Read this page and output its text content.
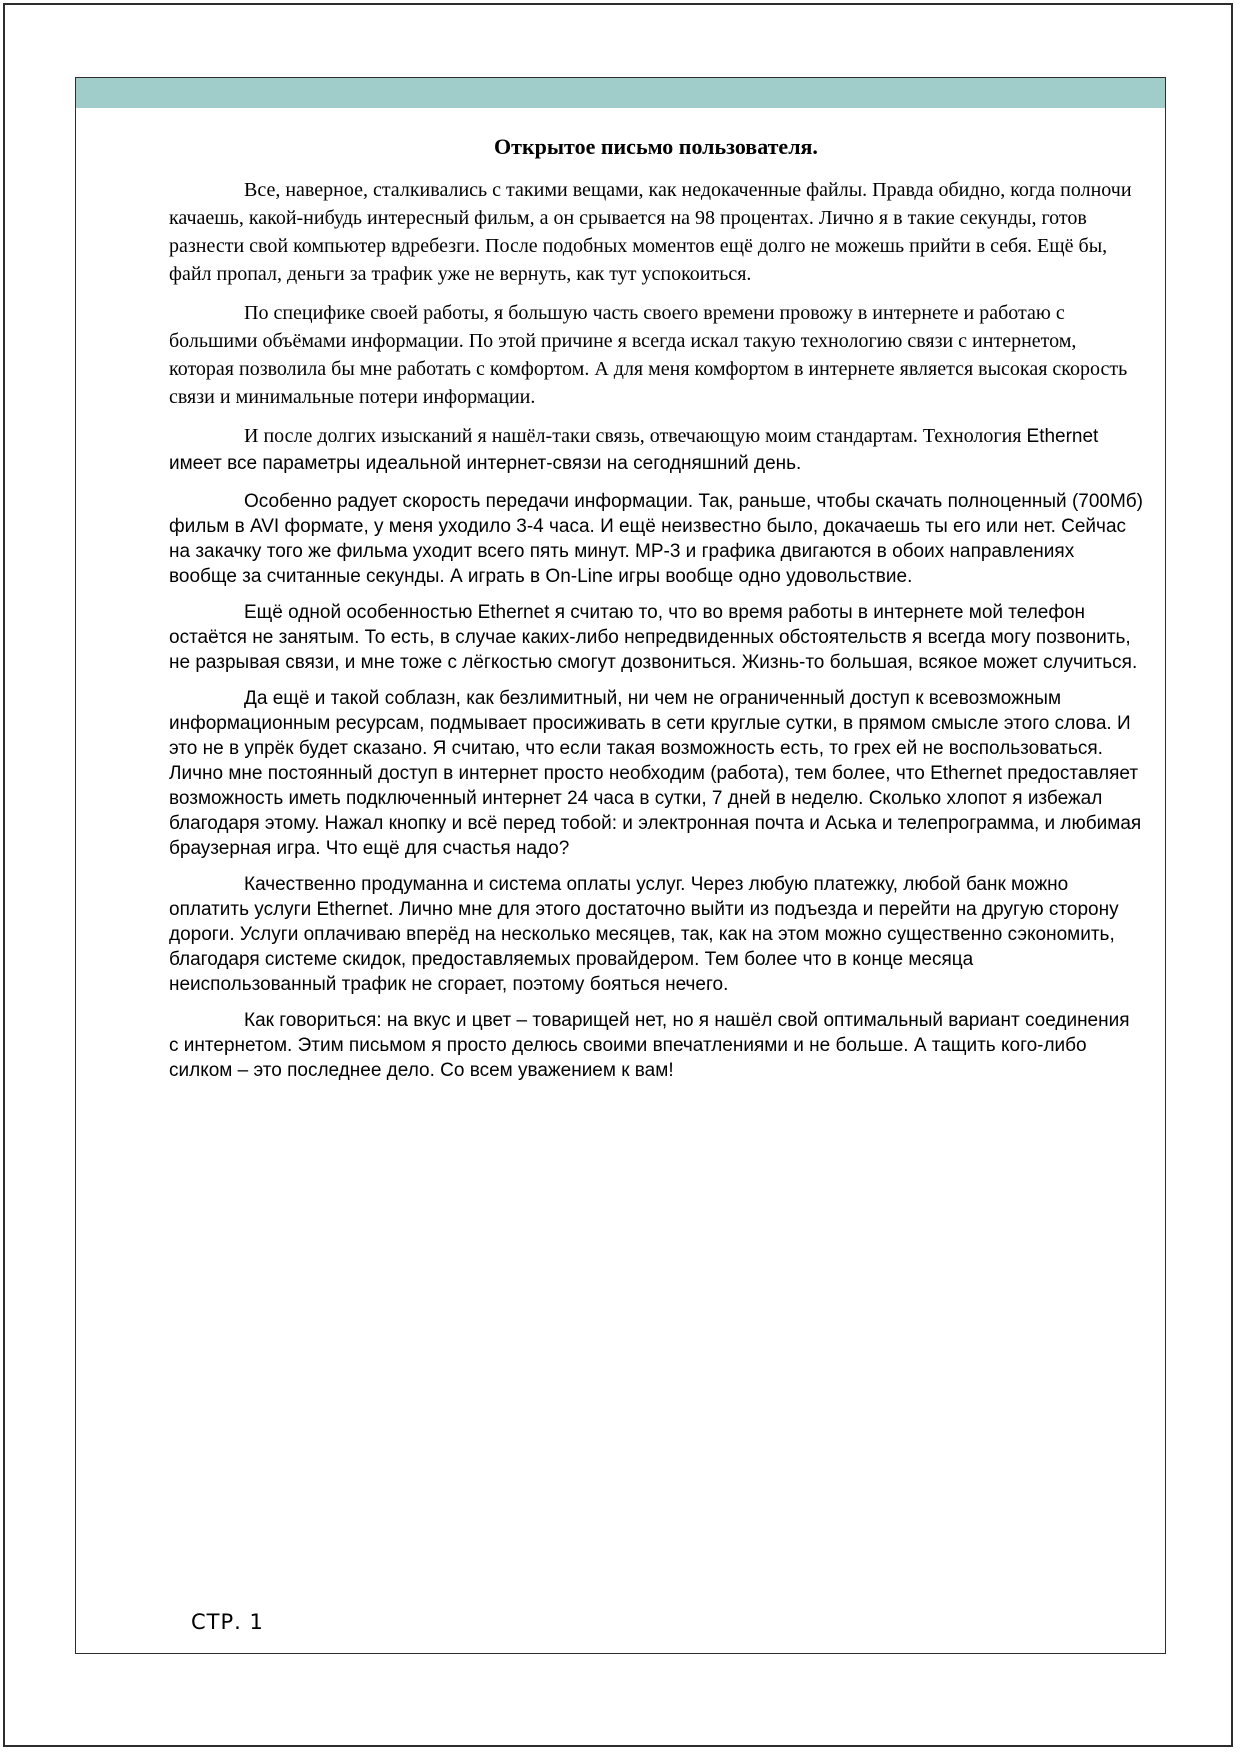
Открытое письмо пользователя.

Все, наверное, сталкивались с такими вещами, как недокаченные файлы. Правда обидно, когда полночи качаешь, какой-нибудь интересный фильм, а он срывается на 98 процентах. Лично я в такие секунды, готов разнести свой компьютер вдребезги. После подобных моментов ещё долго не можешь прийти в себя. Ещё бы, файл пропал, деньги за трафик уже не вернуть, как тут успокоиться.

По специфике своей работы, я большую часть своего времени провожу в интернете и работаю с большими объёмами информации. По этой причине я всегда искал такую технологию связи с интернетом, которая позволила бы мне работать с комфортом. А для меня комфортом в интернете является высокая скорость связи и минимальные потери информации.

И после долгих изысканий я нашёл-таки связь, отвечающую моим стандартам. Технология Ethernet имеет все параметры идеальной интернет-связи на сегодняшний день.

Особенно радует скорость передачи информации. Так, раньше, чтобы скачать полноценный (700Мб) фильм в AVI формате, у меня уходило 3-4 часа. И ещё неизвестно было, докачаешь ты его или нет. Сейчас на закачку того же фильма уходит всего пять минут. MP-3 и графика двигаются в обоих направлениях вообще за считанные секунды. А играть в On-Line игры вообще одно удовольствие.

Ещё одной особенностью Ethernet я считаю то, что во время работы в интернете мой телефон остаётся не занятым. То есть, в случае каких-либо непредвиденных обстоятельств я всегда могу позвонить, не разрывая связи, и мне тоже с лёгкостью смогут дозвониться. Жизнь-то большая, всякое может случиться.

Да ещё и такой соблазн, как безлимитный, ни чем не ограниченный доступ к всевозможным информационным ресурсам, подмывает просиживать в сети круглые сутки, в прямом смысле этого слова. И это не в упрёк будет сказано. Я считаю, что если такая возможность есть, то грех ей не воспользоваться. Лично мне постоянный доступ в интернет просто необходим (работа), тем более, что Ethernet предоставляет возможность иметь подключенный интернет 24 часа в сутки, 7 дней в неделю. Сколько хлопот я избежал благодаря этому. Нажал кнопку и всё перед тобой: и электронная почта и Аська и телепрограмма, и любимая браузерная игра. Что ещё для счастья надо?

Качественно продуманна и система оплаты услуг. Через любую платежку, любой банк можно оплатить услуги Ethernet. Лично мне для этого достаточно выйти из подъезда и перейти на другую сторону дороги. Услуги оплачиваю вперёд на несколько месяцев, так, как на этом можно существенно сэкономить, благодаря системе скидок, предоставляемых провайдером. Тем более что в конце месяца неиспользованный трафик не сгорает, поэтому бояться нечего.

Как говориться: на вкус и цвет – товарищей нет, но я нашёл свой оптимальный вариант соединения с интернетом. Этим письмом я просто делюсь своими впечатлениями и не больше. А тащить кого-либо силком – это последнее дело. Со всем уважением к вам!

СТР. 1
